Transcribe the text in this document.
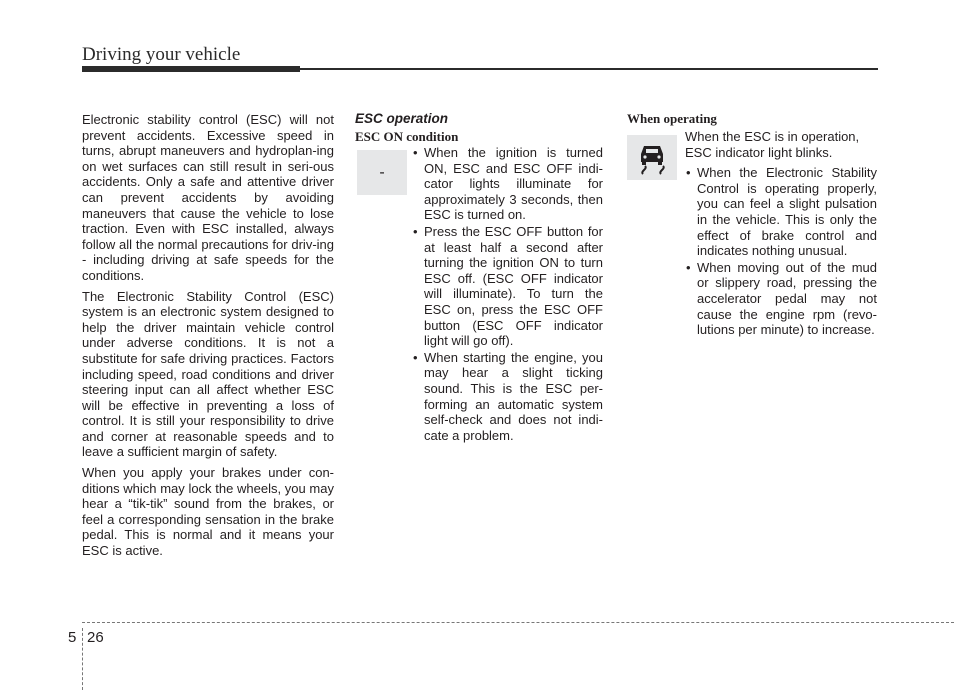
Driving your vehicle

Electronic stability control (ESC) will not prevent accidents. Excessive speed in turns, abrupt maneuvers and hydroplan-ing on wet surfaces can still result in seri-ous accidents. Only a safe and attentive driver can prevent accidents by avoiding maneuvers that cause the vehicle to lose traction. Even with ESC installed, always follow all the normal precautions for driv-ing - including driving at safe speeds for the conditions.

The Electronic Stability Control (ESC) system is an electronic system designed to help the driver maintain vehicle control under adverse conditions. It is not a substitute for safe driving practices. Factors including speed, road conditions and driver steering input can all affect whether ESC will be effective in preventing a loss of control. It is still your responsibility to drive and corner at reasonable speeds and to leave a sufficient margin of safety.

When you apply your brakes under con-ditions which may lock the wheels, you may hear a “tik-tik” sound from the brakes, or feel a corresponding sensation in the brake pedal. This is normal and it means your ESC is active.

ESC operation
ESC ON condition
-
• When the ignition is turned ON, ESC and ESC OFF indi-cator lights illuminate for approximately 3 seconds, then ESC is turned on.
• Press the ESC OFF button for at least half a second after turning the ignition ON to turn ESC off. (ESC OFF indicator will illuminate). To turn the ESC on, press the ESC OFF button (ESC OFF indicator light will go off).
• When starting the engine, you may hear a slight ticking sound. This is the ESC per-forming an automatic system self-check and does not indi-cate a problem.
When operating

When the ESC is in operation, ESC indicator light blinks.

• When the Electronic Stability Control is operating properly, you can feel a slight pulsation in the vehicle. This is only the effect of brake control and indicates nothing unusual.
• When moving out of the mud or slippery road, pressing the accelerator pedal may not cause the engine rpm (revo-lutions per minute) to increase.
5 26
